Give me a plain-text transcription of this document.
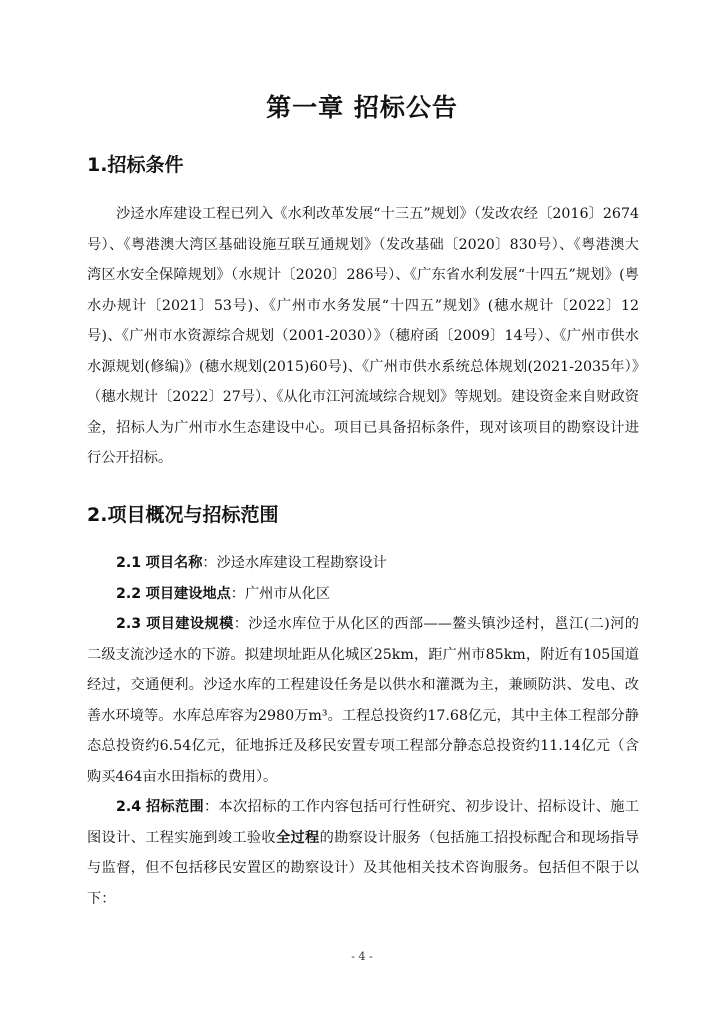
第一章 招标公告
1.招标条件

沙迳水库建设工程已列入《水利改革发展“十三五”规划》（发改农经〔2016〕2674号）、《粤港澳大湾区基础设施互联互通规划》（发改基础〔2020〕830号）、《粤港澳大湾区水安全保障规划》（水规计〔2020〕286号）、《广东省水利发展“十四五”规划》(粤水办规计〔2021〕53号)、《广州市水务发展“十四五”规划》(穗水规计〔2022〕12号)、《广州市水资源综合规划（2001-2030）》（穗府函〔2009〕14号）、《广州市供水水源规划(修编)》(穗水规划(2015)60号)、《广州市供水系统总体规划(2021-2035年）》（穗水规计〔2022〕27号）、《从化市江河流域综合规划》等规划。建设资金来自财政资金，招标人为广州市水生态建设中心。项目已具备招标条件，现对该项目的勘察设计进行公开招标。

2.项目概况与招标范围

2.1 项目名称：沙迳水库建设工程勘察设计

2.2 项目建设地点：广州市从化区

2.3 项目建设规模：沙迳水库位于从化区的西部——鳌头镇沙迳村，邕江(二)河的二级支流沙迳水的下游。拟建坝址距从化城区25km，距广州市85km，附近有105国道经过，交通便利。沙迳水库的工程建设任务是以供水和灌溉为主，兼顾防洪、发电、改善水环境等。水库总库容为2980万m³。工程总投资约17.68亿元，其中主体工程部分静态总投资约6.54亿元，征地拆迁及移民安置专项工程部分静态总投资约11.14亿元（含购买464亩水田指标的费用）。

2.4 招标范围：本次招标的工作内容包括可行性研究、初步设计、招标设计、施工图设计、工程实施到竣工验收全过程的勘察设计服务（包括施工招投标配合和现场指导与监督，但不包括移民安置区的勘察设计）及其他相关技术咨询服务。包括但不限于以下：

- 4 -
